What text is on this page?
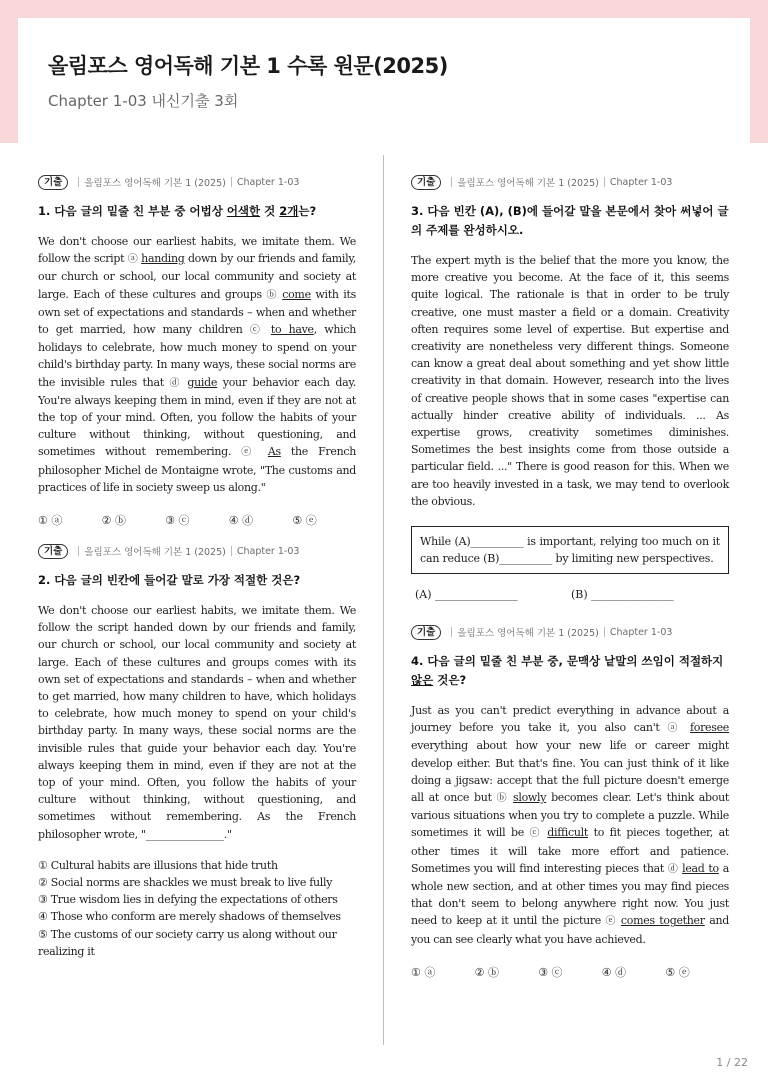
올림포스 영어독해 기본 1 수록 원문(2025)
Chapter 1-03 내신기출 3회
기출	올림포스 영어독해 기본 1 (2025) Chapter 1-03
1. 다음 글의 밑줄 친 부분 중 어법상 어색한 것 2개는?
We don't choose our earliest habits, we imitate them. We follow the script ⓐ handing down by our friends and family, our church or school, our local community and society at large. Each of these cultures and groups ⓑ come with its own set of expectations and standards – when and whether to get married, how many children ⓒ to have, which holidays to celebrate, how much money to spend on your child's birthday party. In many ways, these social norms are the invisible rules that ⓓ guide your behavior each day. You're always keeping them in mind, even if they are not at the top of your mind. Often, you follow the habits of your culture without thinking, without questioning, and sometimes without remembering. ⓔ As the French philosopher Michel de Montaigne wrote, "The customs and practices of life in society sweep us along."
① ⓐ	② ⓑ	③ ⓒ	④ ⓓ	⑤ ⓔ
기출	올림포스 영어독해 기본 1 (2025) Chapter 1-03
2. 다음 글의 빈칸에 들어갈 말로 가장 적절한 것은?
We don't choose our earliest habits, we imitate them. We follow the script handed down by our friends and family, our church or school, our local community and society at large. Each of these cultures and groups comes with its own set of expectations and standards – when and whether to get married, how many children to have, which holidays to celebrate, how much money to spend on your child's birthday party. In many ways, these social norms are the invisible rules that guide your behavior each day. You're always keeping them in mind, even if they are not at the top of your mind. Often, you follow the habits of your culture without thinking, without questioning, and sometimes without remembering. As the French philosopher wrote, "_______________."
① Cultural habits are illusions that hide truth
② Social norms are shackles we must break to live fully
③ True wisdom lies in defying the expectations of others
④ Those who conform are merely shadows of themselves
⑤ The customs of our society carry us along without our realizing it
기출	올림포스 영어독해 기본 1 (2025) Chapter 1-03
3. 다음 빈칸 (A), (B)에 들어갈 말을 본문에서 찾아 써넣어 글의 주제를 완성하시오.
The expert myth is the belief that the more you know, the more creative you become. At the face of it, this seems quite logical. The rationale is that in order to be truly creative, one must master a field or a domain. Creativity often requires some level of expertise. But expertise and creativity are nonetheless very different things. Someone can know a great deal about something and yet show little creativity in that domain. However, research into the lives of creative people shows that in some cases "expertise can actually hinder creative ability of individuals. ... As expertise grows, creativity sometimes diminishes. Sometimes the best insights come from those outside a particular field. ..." There is good reason for this. When we are too heavily invested in a task, we may tend to overlook the obvious.
While (A)__________ is important, relying too much on it can reduce (B)__________ by limiting new perspectives.
(A) _______________	(B) _______________
기출	올림포스 영어독해 기본 1 (2025) Chapter 1-03
4. 다음 글의 밑줄 친 부분 중, 문맥상 낱말의 쓰임이 적절하지 않은 것은?
Just as you can't predict everything in advance about a journey before you take it, you also can't ⓐ foresee everything about how your new life or career might develop either. But that's fine. You can just think of it like doing a jigsaw: accept that the full picture doesn't emerge all at once but ⓑ slowly becomes clear. Let's think about various situations when you try to complete a puzzle. While sometimes it will be ⓒ difficult to fit pieces together, at other times it will take more effort and patience. Sometimes you will find interesting pieces that ⓓ lead to a whole new section, and at other times you may find pieces that don't seem to belong anywhere right now. You just need to keep at it until the picture ⓔ comes together and you can see clearly what you have achieved.
① ⓐ	② ⓑ	③ ⓒ	④ ⓓ	⑤ ⓔ
1 / 22
